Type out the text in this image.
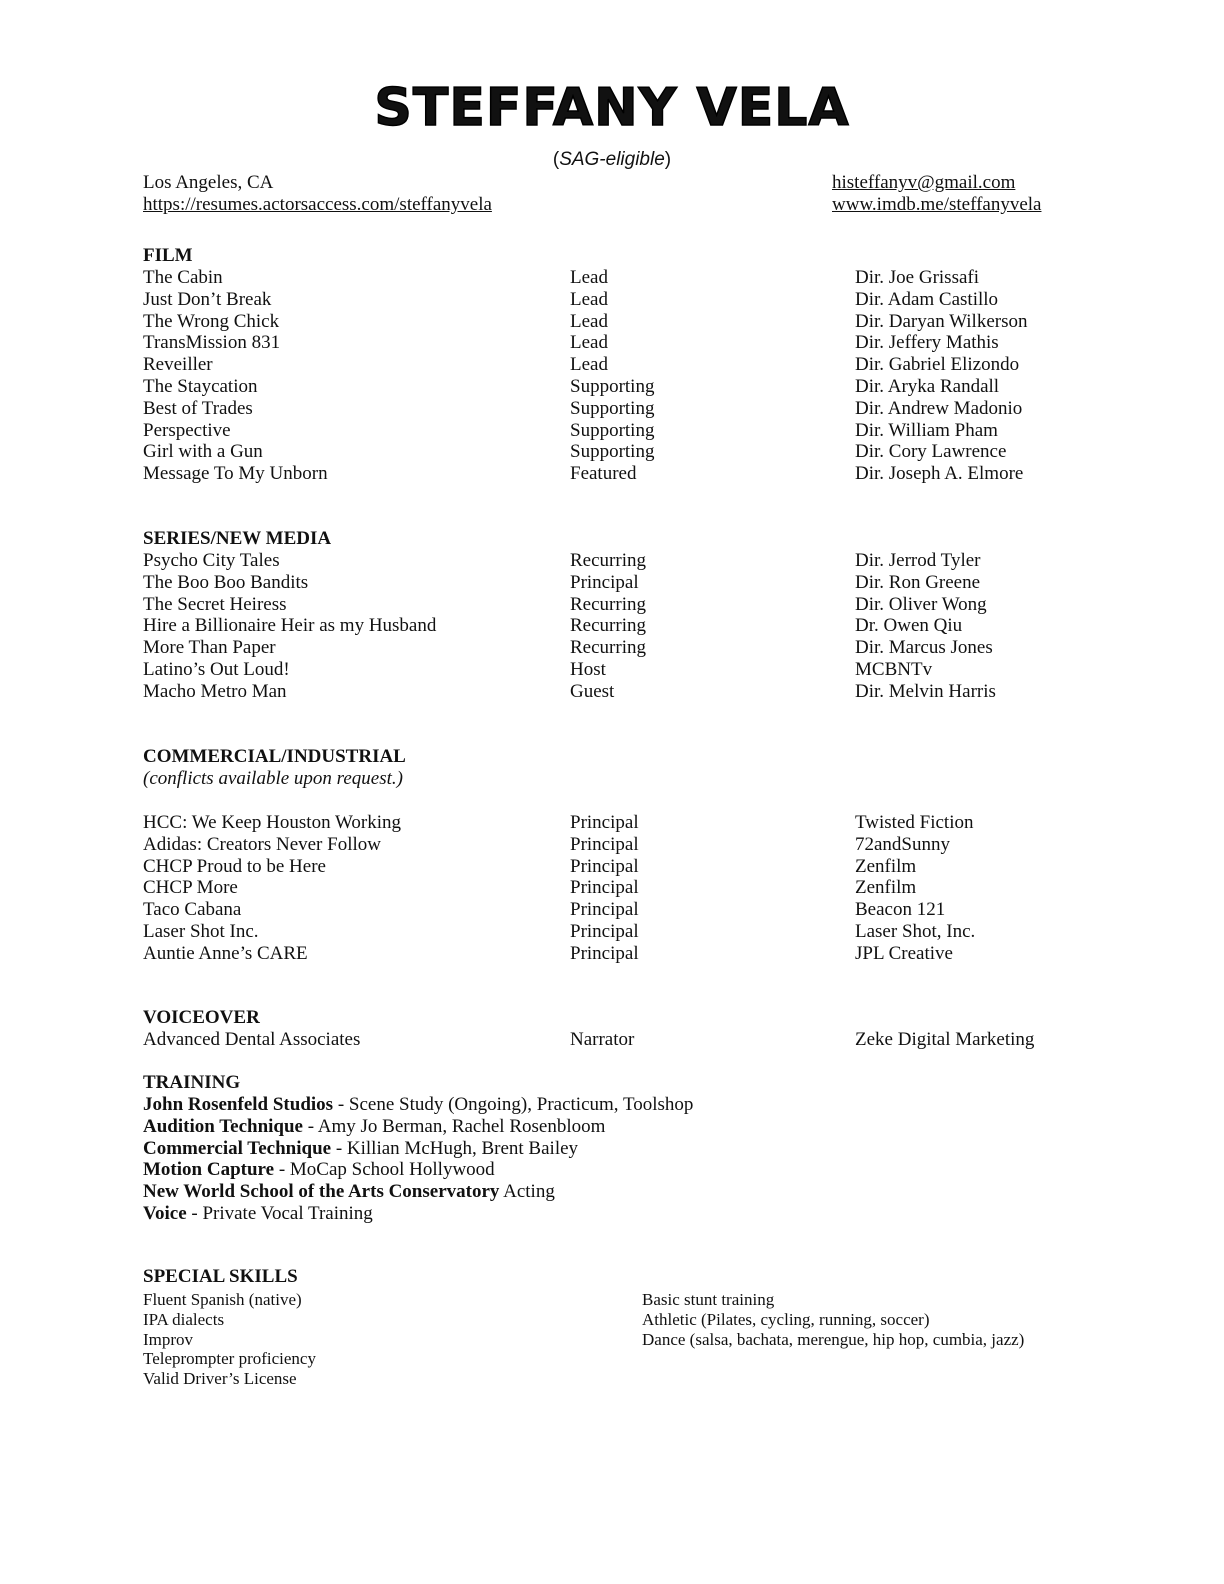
STEFFANY VELA
(SAG-eligible)
Los Angeles, CA
https://resumes.actorsaccess.com/steffanyvela
histeffanyv@gmail.com
www.imdb.me/steffanyvela
FILM
The Cabin	Lead	Dir. Joe Grissafi
Just Don’t Break	Lead	Dir. Adam Castillo
The Wrong Chick	Lead	Dir. Daryan Wilkerson
TransMission 831	Lead	Dir. Jeffery Mathis
Reveiller	Lead	Dir. Gabriel Elizondo
The Staycation	Supporting	Dir. Aryka Randall
Best of Trades	Supporting	Dir. Andrew Madonio
Perspective	Supporting	Dir. William Pham
Girl with a Gun	Supporting	Dir. Cory Lawrence
Message To My Unborn	Featured	Dir. Joseph A. Elmore
SERIES/NEW MEDIA
Psycho City Tales	Recurring	Dir. Jerrod Tyler
The Boo Boo Bandits	Principal	Dir. Ron Greene
The Secret Heiress	Recurring	Dir. Oliver Wong
Hire a Billionaire Heir as my Husband	Recurring	Dr. Owen Qiu
More Than Paper	Recurring	Dir. Marcus Jones
Latino’s Out Loud!	Host	MCBNTv
Macho Metro Man	Guest	Dir. Melvin Harris
COMMERCIAL/INDUSTRIAL
(conflicts available upon request.)
HCC: We Keep Houston Working	Principal	Twisted Fiction
Adidas: Creators Never Follow	Principal	72andSunny
CHCP Proud to be Here	Principal	Zenfilm
CHCP More	Principal	Zenfilm
Taco Cabana	Principal	Beacon 121
Laser Shot Inc.	Principal	Laser Shot, Inc.
Auntie Anne’s CARE	Principal	JPL Creative
VOICEOVER
Advanced Dental Associates	Narrator	Zeke Digital Marketing
TRAINING
John Rosenfeld Studios - Scene Study (Ongoing), Practicum, Toolshop
Audition Technique - Amy Jo Berman, Rachel Rosenbloom
Commercial Technique - Killian McHugh, Brent Bailey
Motion Capture - MoCap School Hollywood
New World School of the Arts Conservatory Acting
Voice - Private Vocal Training
SPECIAL SKILLS
Fluent Spanish (native)
IPA dialects
Improv
Teleprompter proficiency
Valid Driver’s License
Basic stunt training
Athletic (Pilates, cycling, running, soccer)
Dance (salsa, bachata, merengue, hip hop, cumbia, jazz)
